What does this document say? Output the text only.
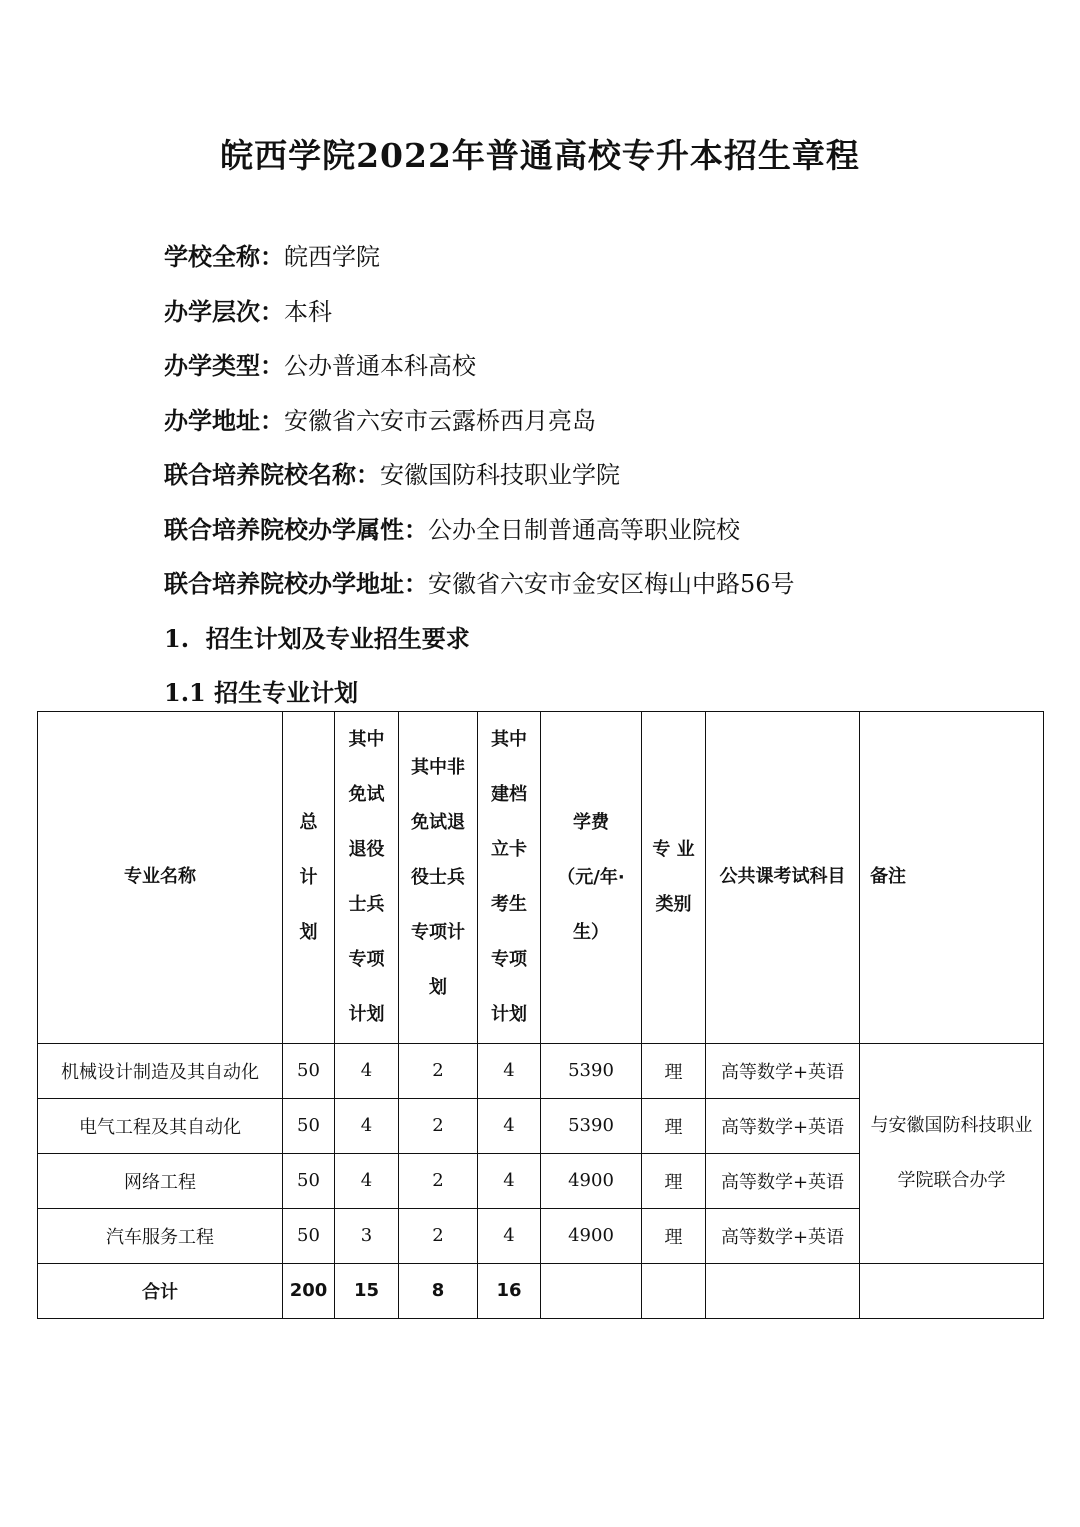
皖西学院2022年普通高校专升本招生章程
学校全称：皖西学院
办学层次：本科
办学类型：公办普通本科高校
办学地址：安徽省六安市云露桥西月亮岛
联合培养院校名称：安徽国防科技职业学院
联合培养院校办学属性：公办全日制普通高等职业院校
联合培养院校办学地址：安徽省六安市金安区梅山中路56号
1. 招生计划及专业招生要求
1.1 招生专业计划
专业名称	总计划	其中免试退役士兵专项计划	其中非免试退役士兵专项计划	其中建档立卡考生专项计划	学费（元/年·生）	专 业类别	公共课考试科目	备注
机械设计制造及其自动化	50	4	2	4	5390	理	高等数学+英语	与安徽国防科技职业学院联合办学
电气工程及其自动化	50	4	2	4	5390	理	高等数学+英语	
网络工程	50	4	2	4	4900	理	高等数学+英语	
汽车服务工程	50	3	2	4	4900	理	高等数学+英语	
合计	200	15	8	16				
